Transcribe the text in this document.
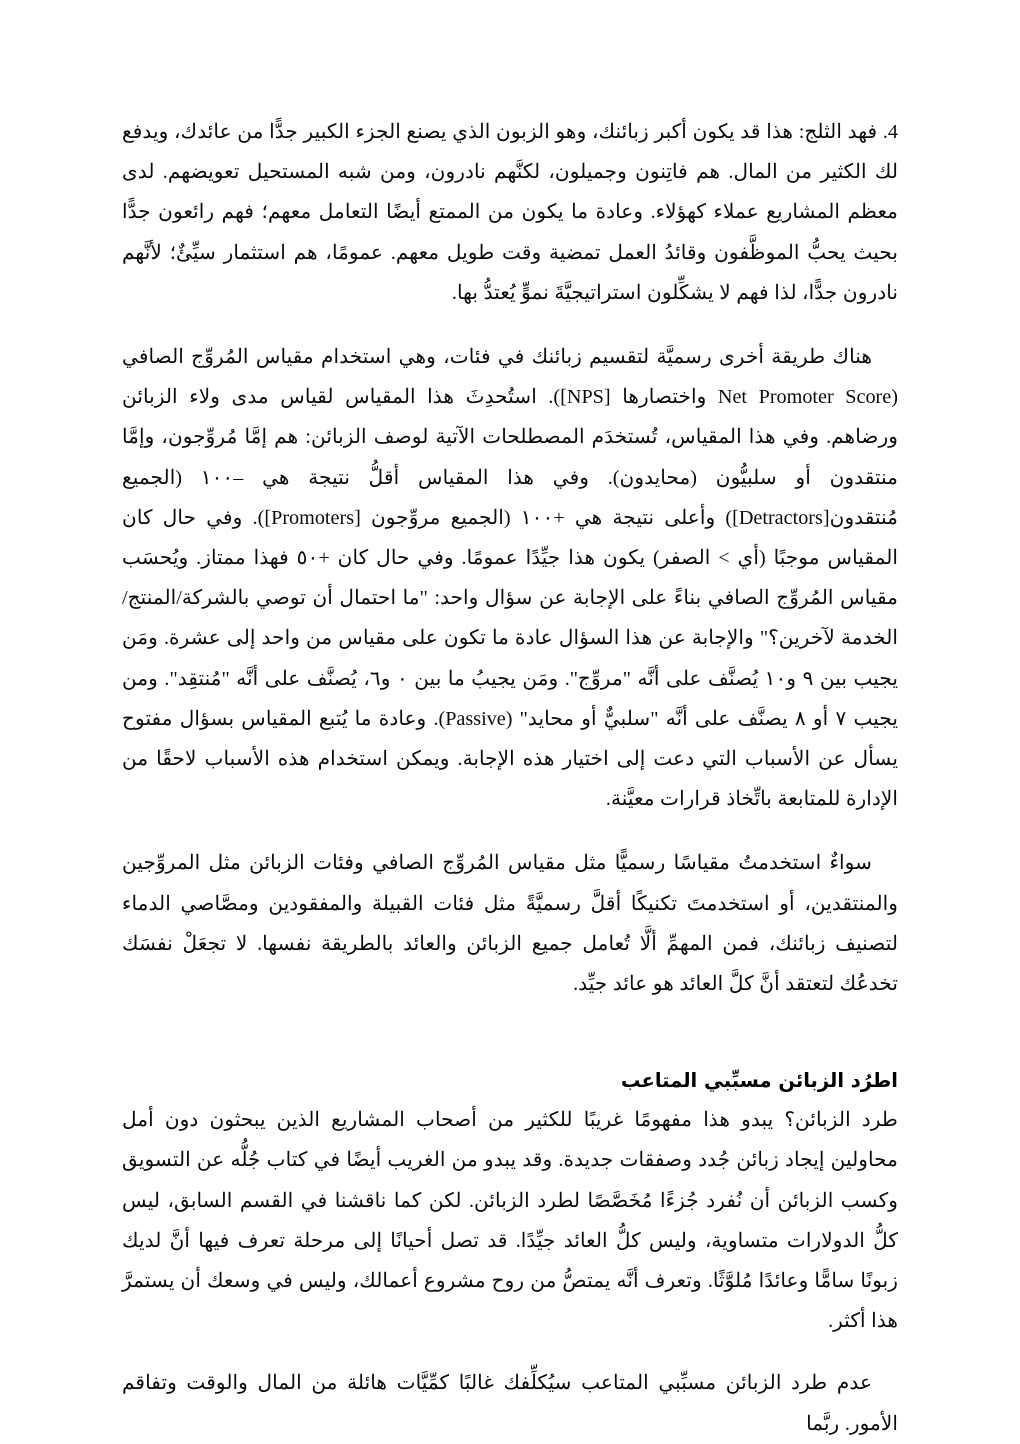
4. فهد الثلج: هذا قد يكون أكبر زبائنك، وهو الزبون الذي يصنع الجزء الكبير جدًّا من عائدك، ويدفع لك الكثير من المال. هم فاتِنون وجميلون، لكنَّهم نادرون، ومن شبه المستحيل تعويضهم. لدى معظم المشاريع عملاء كهؤلاء. وعادة ما يكون من الممتع أيضًا التعامل معهم؛ فهم رائعون جدًّا بحيث يحبُّ الموظَّفون وقائدُ العمل تمضية وقت طويل معهم. عمومًا، هم استثمار سيِّئٌ؛ لأنَّهم نادرون جدًّا، لذا فهم لا يشكِّلون استراتيجيَّةَ نموٍّ يُعتدُّ بها.

هناك طريقة أخرى رسميَّة لتقسيم زبائنك في فئات، وهي استخدام مقياس المُروِّج الصافي (Net Promoter Score واختصارها [NPS]). استُحدِثَ هذا المقياس لقياس مدى ولاء الزبائن ورضاهم. وفي هذا المقياس، تُستخدَم المصطلحات الآتية لوصف الزبائن: هم إمَّا مُروِّجون، وإمَّا منتقدون أو سلبيُّون (محايدون). وفي هذا المقياس أقلُّ نتيجة هي –١٠٠ (الجميع مُنتقدون[Detractors]) وأعلى نتيجة هي +١٠٠ (الجميع مروِّجون [Promoters]). وفي حال كان المقياس موجبًا (أي > الصفر) يكون هذا جيِّدًا عمومًا. وفي حال كان +٥٠ فهذا ممتاز. ويُحسَب مقياس المُروِّج الصافي بناءً على الإجابة عن سؤال واحد: "ما احتمال أن توصي بالشركة/المنتج/الخدمة لآخرين؟" والإجابة عن هذا السؤال عادة ما تكون على مقياس من واحد إلى عشرة. ومَن يجيب بين ٩ و١٠ يُصنَّف على أنَّه "مروِّج". ومَن يجيبُ ما بين ٠ و٦، يُصنَّف على أنَّه "مُنتقِد". ومن يجيب ٧ أو ٨ يصنَّف على أنَّه "سلبيٌّ أو محايد" (Passive). وعادة ما يُتبع المقياس بسؤال مفتوح يسأل عن الأسباب التي دعت إلى اختيار هذه الإجابة. ويمكن استخدام هذه الأسباب لاحقًا من الإدارة للمتابعة باتِّخاذ قرارات معيَّنة.

سواءٌ استخدمتُ مقياسًا رسميًّا مثل مقياس المُروِّج الصافي وفئات الزبائن مثل المروِّجين والمنتقدين، أو استخدمتَ تكنيكًا أقلَّ رسميَّةً مثل فئات القبيلة والمفقودين ومصَّاصي الدماء لتصنيف زبائنك، فمن المهمِّ ألَّا تُعامل جميع الزبائن والعائد بالطريقة نفسها. لا تجعَلْ نفسَك تخدعُك لتعتقد أنَّ كلَّ العائد هو عائد جيِّد.

اطرُد الزبائن مسبِّبي المتاعب

طرد الزبائن؟ يبدو هذا مفهومًا غريبًا للكثير من أصحاب المشاريع الذين يبحثون دون أمل محاولين إيجاد زبائن جُدد وصفقات جديدة. وقد يبدو من الغريب أيضًا في كتاب جُلُّه عن التسويق وكسب الزبائن أن نُفرد جُزءًا مُخَصَّصًا لطرد الزبائن. لكن كما ناقشنا في القسم السابق، ليس كلُّ الدولارات متساوية، وليس كلُّ العائد جيِّدًا. قد تصل أحيانًا إلى مرحلة تعرف فيها أنَّ لديك زبونًا سامًّا وعائدًا مُلوَّثًا. وتعرف أنَّه يمتصُّ من روح مشروع أعمالك، وليس في وسعك أن يستمرَّ هذا أكثر.

عدم طرد الزبائن مسبِّبي المتاعب سيُكلِّفك غالبًا كمِّيَّات هائلة من المال والوقت وتفاقم الأمور. ربَّما
